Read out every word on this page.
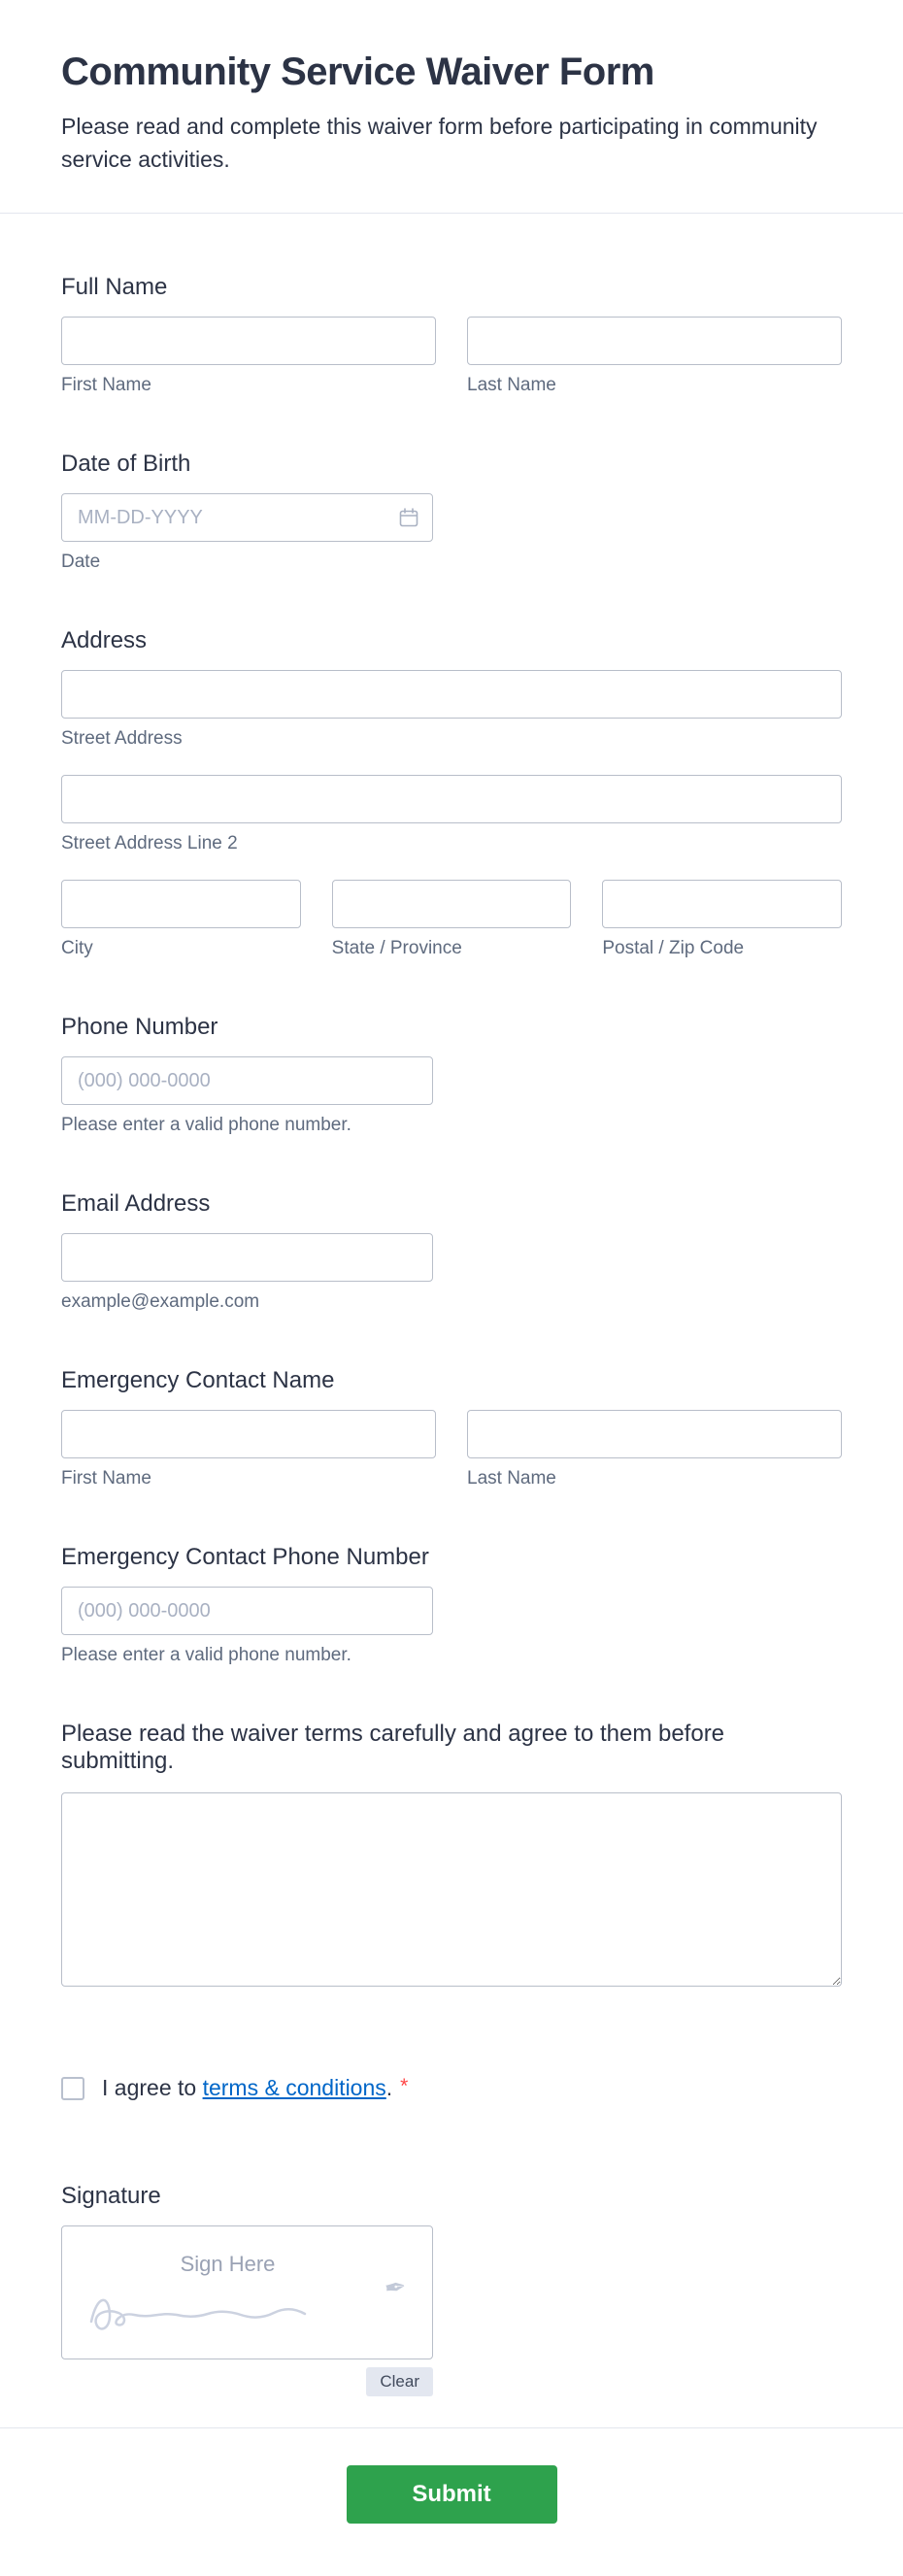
Community Service Waiver Form

Please read and complete this waiver form before participating in community service activities.

Full Name
First Name	Last Name
Date of Birth
MM-DD-YYYY
Date
Address
Street Address
Street Address Line 2
City	State / Province	Postal / Zip Code
Phone Number
(000) 000-0000
Please enter a valid phone number.
Email Address
example@example.com
Emergency Contact Name
First Name	Last Name
Emergency Contact Phone Number
(000) 000-0000
Please enter a valid phone number.
Please read the waiver terms carefully and agree to them before submitting.
I agree to terms & conditions. *
Signature
Sign Here
✒
Clear
Submit
